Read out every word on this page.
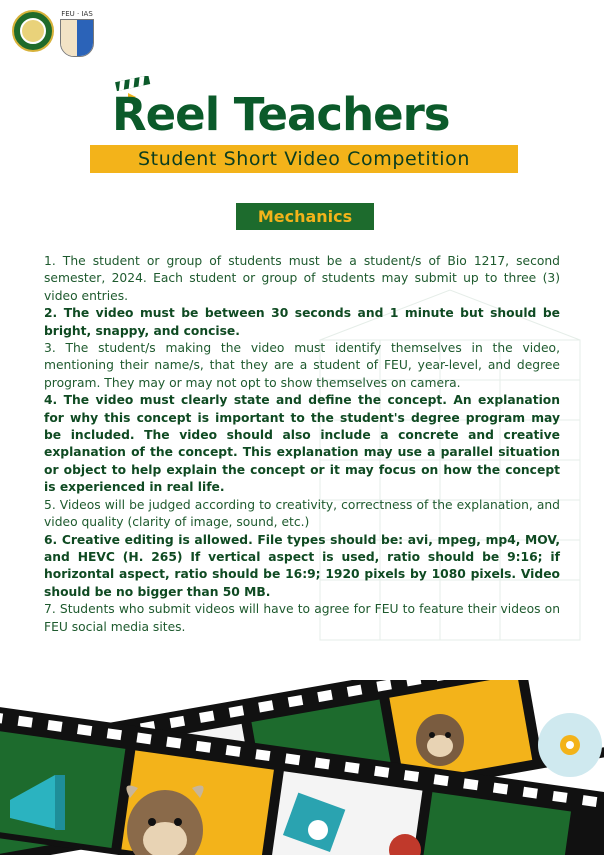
FEU · IAS
Reel Teachers
Student Short Video Competition
Mechanics

1. The student or group of students must be a student/s of Bio 1217, second semester, 2024. Each student or group of students may submit up to three (3) video entries.

2. The video must be between 30 seconds and 1 minute but should be bright, snappy, and concise.

3. The student/s making the video must identify themselves in the video, mentioning their name/s, that they are a student of FEU, year-level, and degree program. They may or may not opt to show themselves on camera.

4. The video must clearly state and define the concept. An explanation for why this concept is important to the student's degree program may be included. The video should also include a concrete and creative explanation of the concept. This explanation may use a parallel situation or object to help explain the concept or it may focus on how the concept is experienced in real life.

5. Videos will be judged according to creativity, correctness of the explanation, and video quality (clarity of image, sound, etc.)

6. Creative editing is allowed. File types should be: avi, mpeg, mp4, MOV, and HEVC (H. 265) If vertical aspect is used, ratio should be 9:16; if horizontal aspect, ratio should be 16:9; 1920 pixels by 1080 pixels. Video should be no bigger than 50 MB.

7. Students who submit videos will have to agree for FEU to feature their videos on FEU social media sites.
